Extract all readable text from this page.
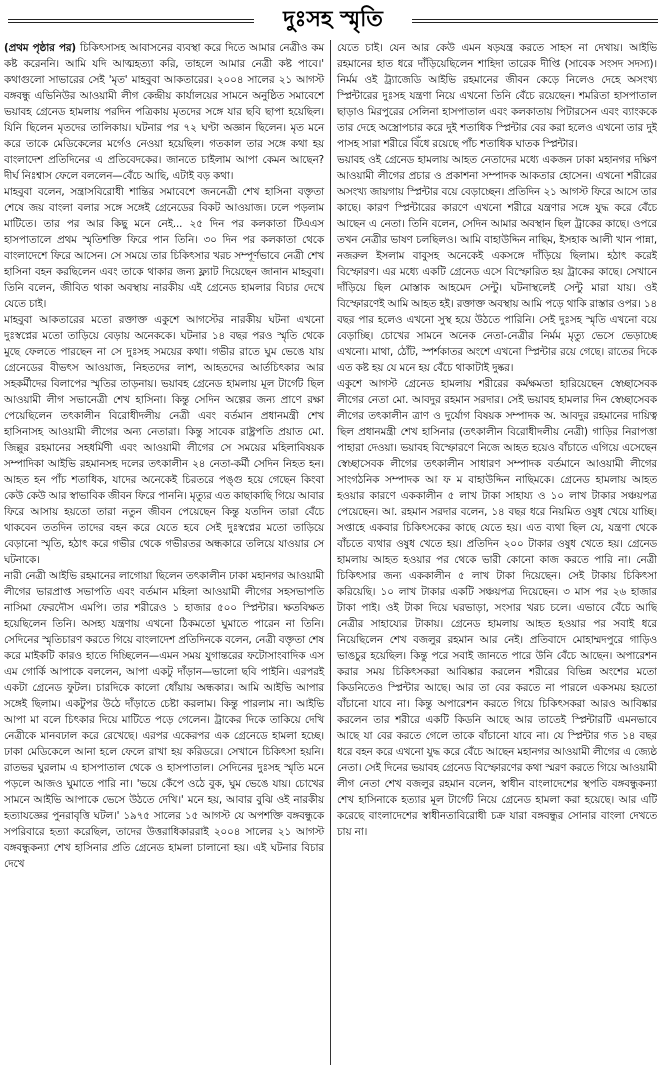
দুঃসহ স্মৃতি

(প্রথম পৃষ্ঠার পর) চিকিৎসাসহ আবাসনের ব্যবস্থা করে দিতে আমার নেত্রীও কম কষ্ট করেননি। আমি যদি আত্মহত্যা করি, তাহলে আমার নেত্রী কষ্ট পাবে।' কথাগুলো সাভারের সেই 'মৃত' মাহবুবা আকতারের। ২০০৪ সালের ২১ আগস্ট বঙ্গবন্ধু এভিনিউর আওয়ামী লীগ কেন্দ্রীয় কার্যালয়ের সামনে অনুষ্ঠিত সমাবেশে ভয়াবহ গ্রেনেড হামলায় পরদিন পত্রিকায় মৃতদের সঙ্গে যার ছবি ছাপা হয়েছিল। যিনি ছিলেন মৃতদের তালিকায়। ঘটনার পর ৭২ ঘণ্টা অজ্ঞান ছিলেন। মৃত মনে করে তাকে মেডিকেলের মর্গেও নেওয়া হয়েছিল। গতকাল তার সঙ্গে কথা হয় বাংলাদেশ প্রতিদিনের এ প্রতিবেদকের। জানতে চাইলাম আপা কেমন আছেন? দীর্ঘ নিঃশ্বাস ফেলে বললেন—বেঁচে আছি, এটাই বড় কথা।

মাহবুবা বলেন, সন্ত্রাসবিরোধী শান্তির সমাবেশে জননেত্রী শেখ হাসিনা বক্তৃতা শেষে জয় বাংলা বলার সঙ্গে সঙ্গেই গ্রেনেডের বিকট আওয়াজ। ঢলে পড়লাম মাটিতে। তার পর আর কিছু মনে নেই... ২৫ দিন পর কলকাতা টিএএস হাসপাতালে প্রথম স্মৃতিশক্তি ফিরে পান তিনি। ৩০ দিন পর কলকাতা থেকে বাংলাদেশে ফিরে আসেন। সে সময়ে তার চিকিৎসার খরচ সম্পূর্ণভাবে নেত্রী শেখ হাসিনা বহন করছিলেন এবং তাকে থাকার জন্য ফ্ল্যাট দিয়েছেন জানান মাহবুবা। তিনি বলেন, জীবিত থাকা অবস্থায় নারকীয় এই গ্রেনেড হামলার বিচার দেখে যেতে চাই।

মাহবুবা আকতারের মতো রক্তাক্ত একুশে আগস্টের নারকীয় ঘটনা এখনো দুঃস্বপ্নের মতো তাড়িয়ে বেড়ায় অনেককে। ঘটনার ১৪ বছর পরও স্মৃতি থেকে মুছে ফেলতে পারছেন না সে দুঃসহ সময়ের কথা। গভীর রাতে ঘুম ভেঙে যায় গ্রেনেডের বীভৎস আওয়াজ, নিহতদের লাশ, আহতদের আর্তচিৎকার আর সহকর্মীদের বিলাপের স্মৃতির তাড়নায়। ভয়াবহ গ্রেনেড হামলায় মূল টার্গেট ছিল আওয়ামী লীগ সভানেত্রী শেখ হাসিনা। কিন্তু সেদিন অল্পের জন্য প্রাণে রক্ষা পেয়েছিলেন তৎকালীন বিরোধীদলীয় নেত্রী এবং বর্তমান প্রধানমন্ত্রী শেখ হাসিনাসহ আওয়ামী লীগের অন্য নেতারা। কিন্তু সাবেক রাষ্ট্রপতি প্রয়াত মো. জিল্লুর রহমানের সহধর্মিণী এবং আওয়ামী লীগের সে সময়ের মহিলাবিষয়ক সম্পাদিকা আইভি রহমানসহ দলের তৎকালীন ২৪ নেতা-কর্মী সেদিন নিহত হন। আহত হন পাঁচ শতাধিক, যাদের অনেকেই চিরতরে পঙ্গু হয়ে গেছেন কিংবা কেউ কেউ আর স্বাভাবিক জীবন ফিরে পাননি। মৃত্যুর এত কাছাকাছি গিয়ে আবার ফিরে আসায় হয়তো তারা নতুন জীবন পেয়েছেন কিন্তু যতদিন তারা বেঁচে থাকবেন ততদিন তাদের বহন করে যেতে হবে সেই দুঃস্বপ্নের মতো তাড়িয়ে বেড়ানো স্মৃতি, হঠাৎ করে গভীর থেকে গভীরতর অন্ধকারে তলিয়ে যাওয়ার সে ঘটনাকে।

নারী নেত্রী আইভি রহমানের লাগোয়া ছিলেন তৎকালীন ঢাকা মহানগর আওয়ামী লীগের ভারপ্রাপ্ত সভাপতি এবং বর্তমান মহিলা আওয়ামী লীগের সহসভাপতি নাসিমা ফেরদৌস এমপি। তার শরীরেও ১ হাজার ৫০০ স্প্লিন্টার। ক্ষতবিক্ষত হয়েছিলেন তিনি। অসহ্য যন্ত্রণায় এখনো ঠিকমতো ঘুমাতে পারেন না তিনি। সেদিনের স্মৃতিচারণ করতে গিয়ে বাংলাদেশ প্রতিদিনকে বলেন, নেত্রী বক্তৃতা শেষ করে মাইকটি কারও হাতে দিচ্ছিলেন—এমন সময় যুগান্তরের ফটোসাংবাদিক এস এম গোর্কি আপাকে বললেন, আপা একটু দাঁড়ান—ভালো ছবি পাইনি। এরপরই একটা গ্রেনেড ফুটল। চারদিকে কালো ধোঁয়ায় অন্ধকার। আমি আইভি আপার সঙ্গেই ছিলাম। একটুপর উঠে দাঁড়াতে চেষ্টা করলাম। কিন্তু পারলাম না। আইভি আপা মা বলে চিৎকার দিয়ে মাটিতে পড়ে গেলেন। ট্রাকের দিকে তাকিয়ে দেখি নেত্রীকে মানবঢাল করে রেখেছে। এরপর একেরপর এক গ্রেনেডে হামলা হচ্ছে। ঢাকা মেডিকেলে আনা হলে ফেলে রাখা হয় করিডরে। সেখানে চিকিৎসা হয়নি। রাতভর ঘুরলাম এ হাসপাতাল থেকে ও হাসপাতাল। সেদিনের দুঃসহ স্মৃতি মনে পড়লে আজও ঘুমাতে পারি না। 'ভয়ে কেঁপে ওঠে বুক, ঘুম ভেঙে যায়। চোখের সামনে আইভি আপাকে ভেসে উঠতে দেখি।' মনে হয়, আবার বুঝি ওই নারকীয় হত্যাযজ্ঞের পুনরাবৃত্তি ঘটল।' ১৯৭৫ সালের ১৫ আগস্ট যে অপশক্তি বঙ্গবন্ধুকে সপরিবারে হত্যা করেছিল, তাদের উত্তরাধিকাররাই ২০০৪ সালের ২১ আগস্ট বঙ্গবন্ধুকন্যা শেখ হাসিনার প্রতি গ্রেনেড হামলা চালানো হয়। এই ঘটনার বিচার দেখে

যেতে চাই। যেন আর কেউ এমন ষড়যন্ত্র করতে সাহস না দেখায়। আইভি রহমানের হাত ধরে দাঁড়িয়েছিলেন শাহিদা তারেক দীপ্তি (সাবেক সংসদ সদস্য)। নির্মম ওই ট্র্যাজেডি আইভি রহমানের জীবন কেড়ে নিলেও দেহে অসংখ্য স্প্লিন্টারের দুঃসহ যন্ত্রণা নিয়ে এখনো তিনি বেঁচে রয়েছেন। শমরিতা হাসপাতাল ছাড়াও মিরপুরের সেলিনা হাসপাতাল এবং কলকাতায় পিটারসেন এবং ব্যাংককে তার দেহে অস্ত্রোপচার করে দুই শতাধিক স্প্লিন্টার বের করা হলেও এখনো তার দুই পাসহ সারা শরীরে বিঁধে রয়েছে পাঁচ শতাধিক ঘাতক স্প্লিন্টার।

ভয়াবহ ওই গ্রেনেড হামলায় আহত নেতাদের মধ্যে একজন ঢাকা মহানগর দক্ষিণ আওয়ামী লীগের প্রচার ও প্রকাশনা সম্পাদক আকতার হোসেন। এখনো শরীরের অসংখ্য জায়গায় স্প্লিন্টার বয়ে বেড়াচ্ছেন। প্রতিদিন ২১ আগস্ট ফিরে আসে তার কাছে। কারণ স্প্লিন্টারের কারণে এখনো শরীরে যন্ত্রণার সঙ্গে যুদ্ধ করে বেঁচে আছেন এ নেতা। তিনি বলেন, সেদিন আমার অবস্থান ছিল ট্রাকের কাছে। ওপরে তখন নেত্রীর ভাষণ চলছিলও। আমি বাহাউদ্দিন নাছিম, ইসহাক আলী খান পান্না, নজরুল ইসলাম বাবুসহ অনেকেই একসঙ্গে দাঁড়িয়ে ছিলাম। হঠাৎ করেই বিস্ফোরণ। এর মধ্যে একটি গ্রেনেড এসে বিস্ফোরিত হয় ট্রাকের কাছে। সেখানে দাঁড়িয়ে ছিল মোস্তাক আহমেদ সেন্টু। ঘটনাস্থলেই সেন্টু মারা যায়। ওই বিস্ফোরণেই আমি আহত হই। রক্তাক্ত অবস্থায় আমি পড়ে থাকি রাস্তার ওপর। ১৪ বছর পার হলেও এখনো সুস্থ হয়ে উঠতে পারিনি। সেই দুঃসহ স্মৃতি এখনো বয়ে বেড়াচ্ছি। চোখের সামনে অনেক নেতা-নেত্রীর নির্মম মৃত্যু ভেসে ভেড়াচ্ছে এখনো। মাথা, ঠোঁট, স্পর্শকাতর অংশে এখনো স্প্লিন্টার রয়ে গেছে। রাতের দিকে এত কষ্ট হয় যে মনে হয় বেঁচে থাকাটাই দুষ্কর।

একুশে আগস্ট গ্রেনেড হামলায় শরীরের কর্মক্ষমতা হারিয়েছেন স্বেচ্ছাসেবক লীগের নেতা মো. আবদুর রহমান সরদার। সেই ভয়াবহ হামলার দিন স্বেচ্ছাসেবক লীগের তৎকালীন ত্রাণ ও দুর্যোগ বিষয়ক সম্পাদক অ. আবদুর রহমানের দায়িত্ব ছিল প্রধানমন্ত্রী শেখ হাসিনার (তৎকালীন বিরোধীদলীয় নেত্রী) গাড়ির নিরাপত্তা পাহারা দেওয়া। ভয়াবহ বিস্ফোরণে নিজে আহত হয়েও বাঁচাতে এগিয়ে এসেছেন স্বেচ্ছাসেবক লীগের তৎকালীন সাধারণ সম্পাদক বর্তমানে আওয়ামী লীগের সাংগঠনিক সম্পাদক আ ফ ম বাহাউদ্দিন নাছিমকে। গ্রেনেড হামলায় আহত হওয়ার কারণে এককালীন ৫ লাখ টাকা সাহায্য ও ১০ লাখ টাকার সঞ্চয়পত্র পেয়েছেন। আ. রহমান সরদার বলেন, ১৪ বছর ধরে নিয়মিত ওষুধ খেয়ে যাচ্ছি। সপ্তাহে একবার চিকিৎসকের কাছে যেতে হয়। এত ব্যথা ছিল যে, যন্ত্রণা থেকে বাঁচতে ব্যথার ওষুধ খেতে হয়। প্রতিদিন ২০০ টাকার ওষুধ খেতে হয়। গ্রেনেড হামলায় আহত হওয়ার পর থেকে ভারী কোনো কাজ করতে পারি না। নেত্রী চিকিৎসার জন্য এককালীন ৫ লাখ টাকা দিয়েছেন। সেই টাকায় চিকিৎসা করিয়েছি। ১০ লাখ টাকার একটি সঞ্চয়পত্র দিয়েছেন। ৩ মাস পর ২৬ হাজার টাকা পাই। ওই টাকা দিয়ে ঘরভাড়া, সংসার খরচ চলে। এভাবে বেঁচে আছি নেত্রীর সাহায্যের টাকায়। গ্রেনেড হামলায় আহত হওয়ার পর সবাই ধরে নিয়েছিলেন শেখ বজলুর রহমান আর নেই। প্রতিবাদে মোহাম্মদপুরে গাড়িও ভাঙচুর হয়েছিল। কিন্তু পরে সবাই জানতে পারে উনি বেঁচে আছেন। অপারেশন করার সময় চিকিৎসকরা আবিষ্কার করলেন শরীরের বিভিন্ন অংশের মতো কিডনিতেও স্প্লিন্টার আছে। আর তা বের করতে না পারলে একসময় হয়তো বাঁচানো যাবে না। কিন্তু অপারেশন করতে গিয়ে চিকিৎসকরা আরও আবিষ্কার করলেন তার শরীরে একটি কিডনি আছে আর তাতেই স্প্লিন্টারটি এমনভাবে আছে যা বের করতে গেলে তাকে বাঁচানো যাবে না। যে স্প্লিন্টার গত ১৪ বছর ধরে বহন করে এখনো যুদ্ধ করে বেঁচে আছেন মহানগর আওয়ামী লীগের এ জ্যেষ্ঠ নেতা। সেই দিনের ভয়াবহ গ্রেনেড বিস্ফোরণের কথা স্মরণ করতে গিয়ে আওয়ামী লীগ নেতা শেখ বজলুর রহমান বলেন, স্বাধীন বাংলাদেশের স্থপতি বঙ্গবন্ধুকন্যা শেখ হাসিনাকে হত্যার মূল টার্গেট নিয়ে গ্রেনেড হামলা করা হয়েছে। আর এটি করেছে বাংলাদেশের স্বাধীনতাবিরোধী চক্র যারা বঙ্গবন্ধুর সোনার বাংলা দেখতে চায় না।
